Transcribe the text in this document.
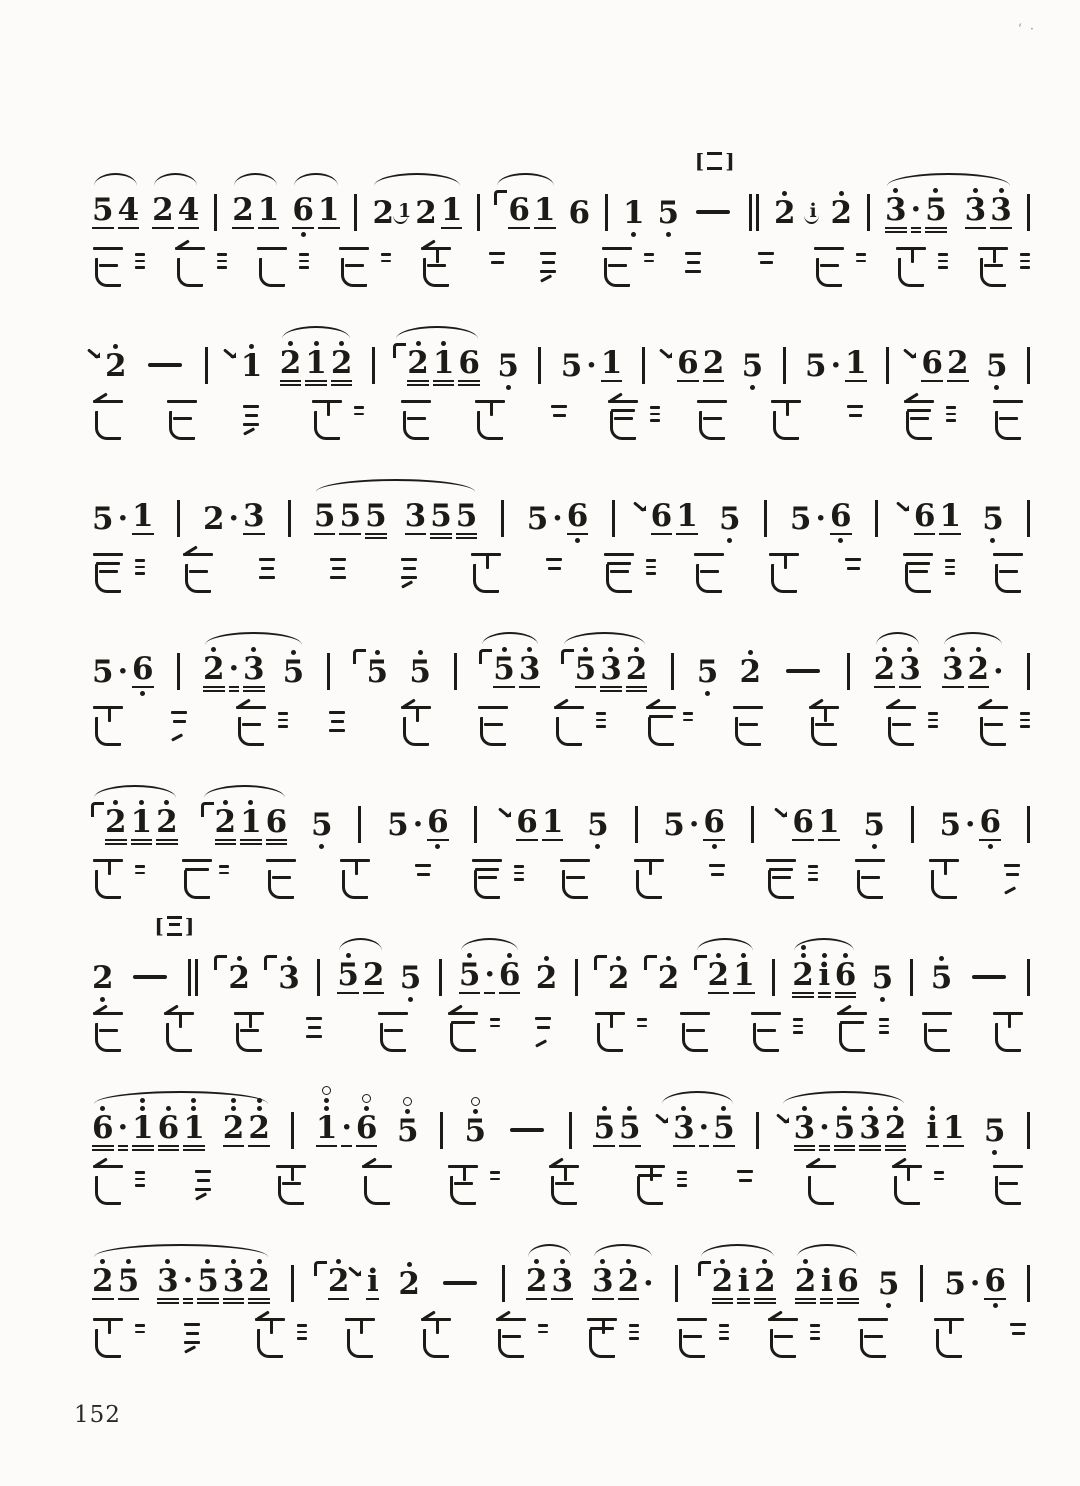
‘·
[ ]
5 4 2 4 2 1 6 1 2 1 2 1 6 1 6 1 5	2 i 2 3 · 5 3 3
2	1 2 1 2 2 1 6 5 5 · 1 6 2 5 5 · 1 6 2 5
5 · 1 2 · 3 5 5 5 3 5 5 5 · 6 6 1 5 5 · 6 6 1 5
5 · 6 2 · 3 5 5 5 5 3 5 3 2 5 2	2 3 3 2 ·
2 1 2 2 1 6 5 5 · 6 6 1 5 5 · 6 6 1 5 5 · 6
[ ]
2	2 3 5 2 5 5 · 6 2 2 2 2 1 2 i 6 5 5
6 · 1 6 1 2 2 1 · 6 5 5	5 5 3 · 5 3 · 5 3 2 i 1 5
2 5 3 · 5 3 2 2 i 2	2 3 3 2 · 2 i 2 2 i 6 5 5 · 6
152
